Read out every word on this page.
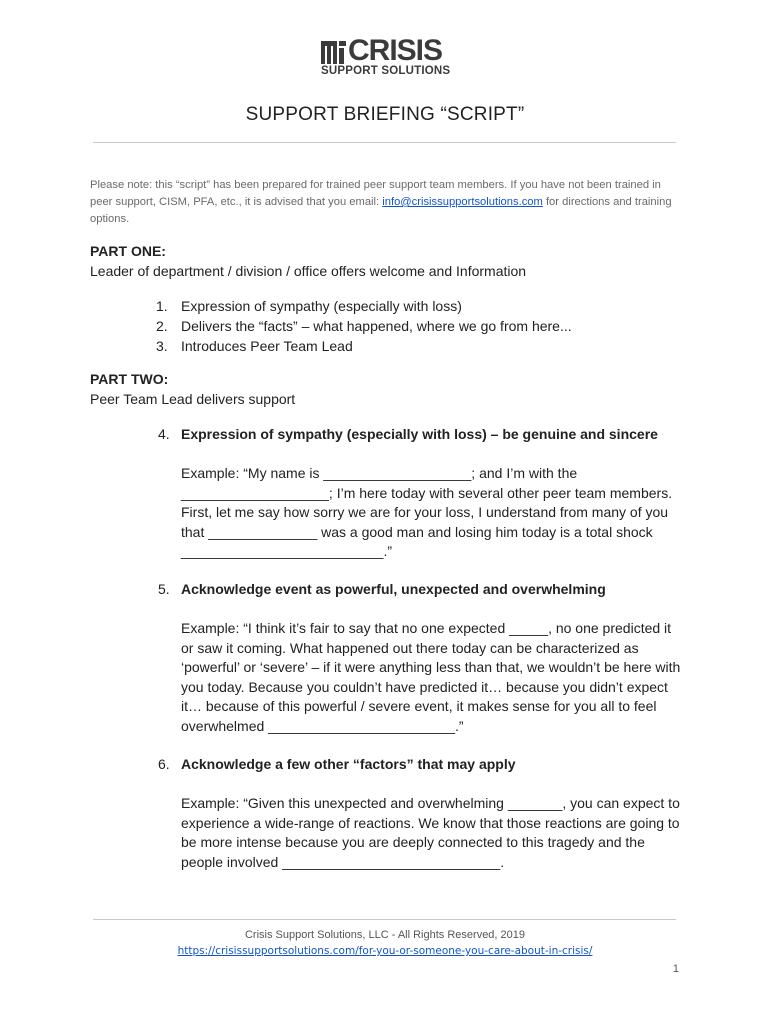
CRISIS
SUPPORT SOLUTIONS
SUPPORT BRIEFING “SCRIPT”
Please note: this “script” has been prepared for trained peer support team members. If you have not been trained in peer support, CISM, PFA, etc., it is advised that you email: info@crisissupportsolutions.com for directions and training options.
PART ONE:
Leader of department / division / office offers welcome and Information
1. Expression of sympathy (especially with loss)
2. Delivers the “facts” – what happened, where we go from here...
3. Introduces Peer Team Lead
PART TWO:
Peer Team Lead delivers support
4. Expression of sympathy (especially with loss) – be genuine and sincere
Example: “My name is ___________________; and I’m with the ___________________; I’m here today with several other peer team members. First, let me say how sorry we are for your loss, I understand from many of you that ______________ was a good man and losing him today is a total shock __________________________.”
5. Acknowledge event as powerful, unexpected and overwhelming
Example: “I think it’s fair to say that no one expected _____, no one predicted it or saw it coming. What happened out there today can be characterized as ‘powerful’ or ‘severe’ – if it were anything less than that, we wouldn’t be here with you today. Because you couldn’t have predicted it… because you didn’t expect it… because of this powerful / severe event, it makes sense for you all to feel overwhelmed ________________________.”
6. Acknowledge a few other “factors” that may apply
Example: “Given this unexpected and overwhelming _______, you can expect to experience a wide-range of reactions. We know that those reactions are going to be more intense because you are deeply connected to this tragedy and the people involved ____________________________.
Crisis Support Solutions, LLC - All Rights Reserved, 2019
https://crisissupportsolutions.com/for-you-or-someone-you-care-about-in-crisis/
1
